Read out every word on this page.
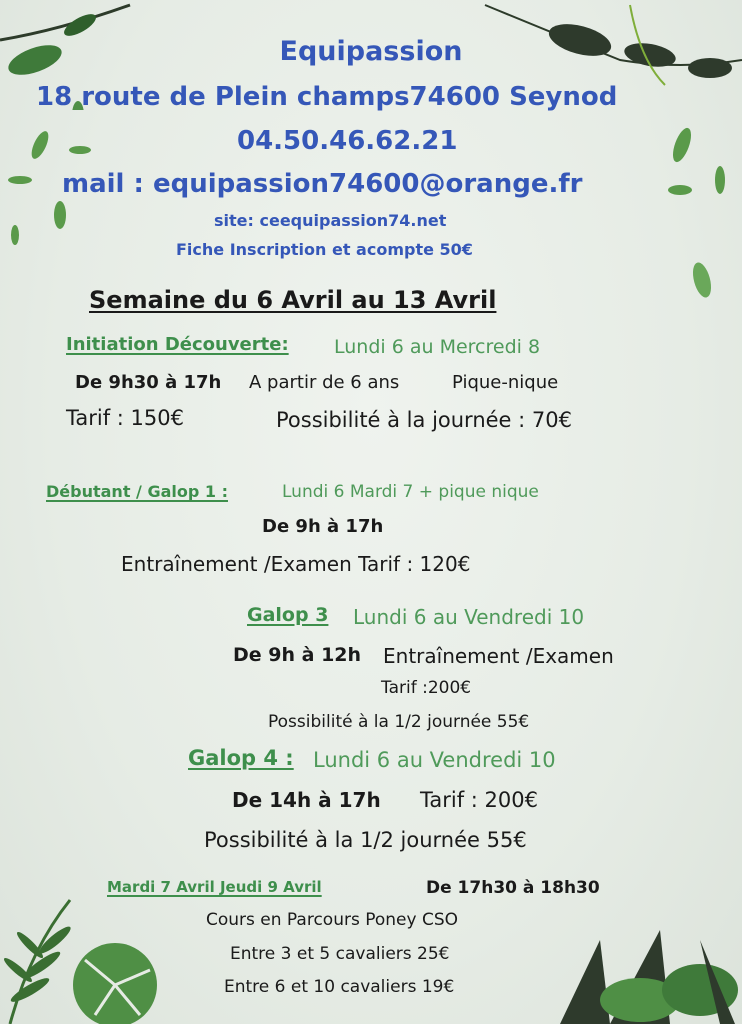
Equipassion
18 route de Plein champs74600 Seynod
04.50.46.62.21
mail : equipassion74600@orange.fr
site: ceequipassion74.net
Fiche Inscription et acompte 50€
Semaine du 6 Avril au 13 Avril
Initiation Découverte: Lundi 6 au Mercredi 8
De 9h30 à 17h A partir de 6 ans	Pique-nique
Tarif : 150€	Possibilité à la journée : 70€
Débutant / Galop 1 :	Lundi 6 Mardi 7 + pique nique
De 9h à 17h
Entraînement /Examen Tarif : 120€
Galop 3 Lundi 6 au Vendredi 10
De 9h à 12h Entraînement /Examen
Tarif :200€
Possibilité à la 1/2 journée 55€
Galop 4 : Lundi 6 au Vendredi 10
De 14h à 17h Tarif : 200€
Possibilité à la 1/2 journée 55€
Mardi 7 Avril Jeudi 9 Avril	De 17h30 à 18h30
Cours en Parcours Poney CSO
Entre 3 et 5 cavaliers 25€
Entre 6 et 10 cavaliers 19€
